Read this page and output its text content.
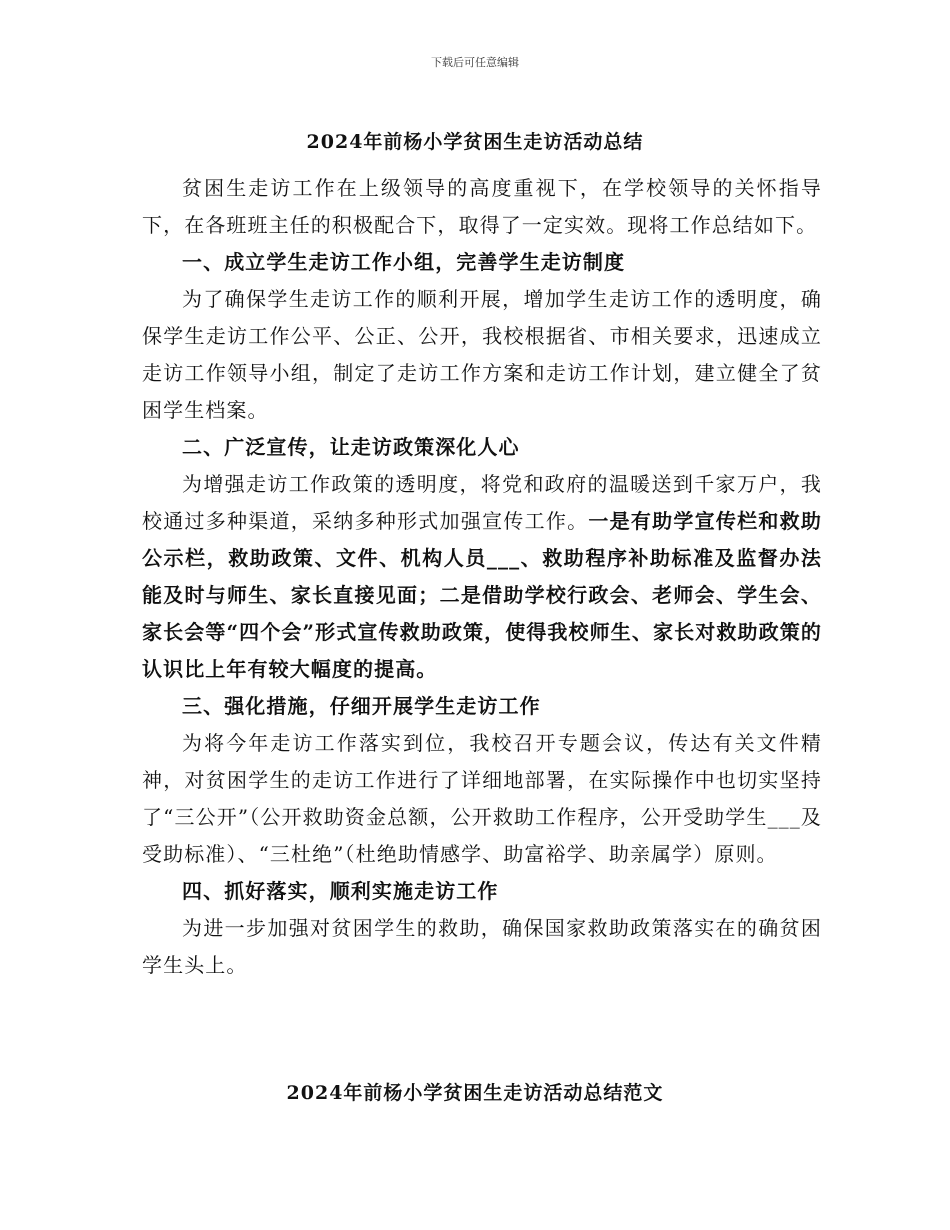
下载后可任意编辑
2024年前杨小学贫困生走访活动总结

贫困生走访工作在上级领导的高度重视下，在学校领导的关怀指导下，在各班班主任的积极配合下，取得了一定实效。现将工作总结如下。

一、成立学生走访工作小组，完善学生走访制度

为了确保学生走访工作的顺利开展，增加学生走访工作的透明度，确保学生走访工作公平、公正、公开，我校根据省、市相关要求，迅速成立走访工作领导小组，制定了走访工作方案和走访工作计划，建立健全了贫困学生档案。

二、广泛宣传，让走访政策深化人心

为增强走访工作政策的透明度，将党和政府的温暖送到千家万户，我校通过多种渠道，采纳多种形式加强宣传工作。一是有助学宣传栏和救助公示栏，救助政策、文件、机构人员___、救助程序补助标准及监督办法能及时与师生、家长直接见面；二是借助学校行政会、老师会、学生会、家长会等“四个会”形式宣传救助政策，使得我校师生、家长对救助政策的认识比上年有较大幅度的提高。

三、强化措施，仔细开展学生走访工作

为将今年走访工作落实到位，我校召开专题会议，传达有关文件精神，对贫困学生的走访工作进行了详细地部署，在实际操作中也切实坚持了“三公开”（公开救助资金总额，公开救助工作程序，公开受助学生___及受助标准）、“三杜绝”（杜绝助情感学、助富裕学、助亲属学）原则。

四、抓好落实，顺利实施走访工作

为进一步加强对贫困学生的救助，确保国家救助政策落实在的确贫困学生头上。

2024年前杨小学贫困生走访活动总结范文
